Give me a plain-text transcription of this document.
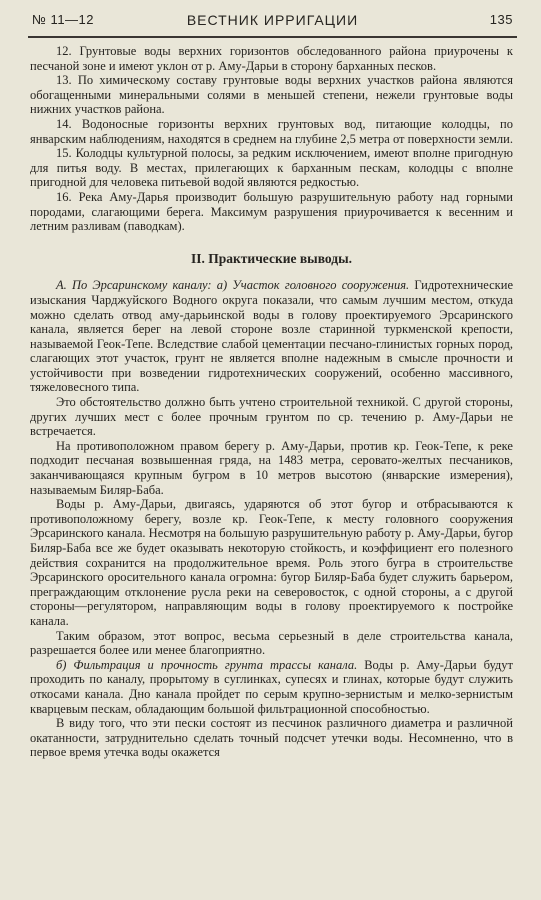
№ 11—12	ВЕСТНИК ИРРИГАЦИИ	135

12. Грунтовые воды верхних горизонтов обследованного района приурочены к песчаной зоне и имеют уклон от р. Аму-Дарьи в сторону барханных песков.

13. По химическому составу грунтовые воды верхних участков района являются обогащенными минеральными солями в меньшей степени, нежели грунтовые воды нижних участков района.

14. Водоносные горизонты верхних грунтовых вод, питающие колодцы, по январским наблюдениям, находятся в среднем на глубине 2,5 метра от поверхности земли.

15. Колодцы культурной полосы, за редким исключением, имеют вполне пригодную для питья воду. В местах, прилегающих к барханным пескам, колодцы с вполне пригодной для человека питьевой водой являются редкостью.

16. Река Аму-Дарья производит большую разрушительную работу над горными породами, слагающими берега. Максимум разрушения приурочивается к весенним и летним разливам (паводкам).

II. Практические выводы.

А. По Эрсаринскому каналу: а) Участок головного сооружения. Гидротехнические изыскания Чарджуйского Водного округа показали, что самым лучшим местом, откуда можно сделать отвод аму-дарьинской воды в голову проектируемого Эрсаринского канала, является берег на левой стороне возле старинной туркменской крепости, называемой Геок-Тепе. Вследствие слабой цементации песчано-глинистых горных пород, слагающих этот участок, грунт не является вполне надежным в смысле прочности и устойчивости при возведении гидротехнических сооружений, особенно массивного, тяжеловесного типа.

Это обстоятельство должно быть учтено строительной техникой. С другой стороны, других лучших мест с более прочным грунтом по ср. течению р. Аму-Дарьи не встречается.

На противоположном правом берегу р. Аму-Дарьи, против кр. Геок-Тепе, к реке подходит песчаная возвышенная гряда, на 1483 метра, серовато-желтых песчаников, заканчивающаяся крупным бугром в 10 метров высотою (январские измерения), называемым Биляр-Баба.

Воды р. Аму-Дарьи, двигаясь, ударяются об этот бугор и отбрасываются к противоположному берегу, возле кр. Геок-Тепе, к месту головного сооружения Эрсаринского канала. Несмотря на большую разрушительную работу р. Аму-Дарьи, бугор Биляр-Баба все же будет оказывать некоторую стойкость, и коэффициент его полезного действия сохранится на продолжительное время. Роль этого бугра в строительстве Эрсаринского оросительного канала огромна: бугор Биляр-Баба будет служить барьером, преграждающим отклонение русла реки на северовосток, с одной стороны, а с другой стороны—регулятором, направляющим воды в голову проектируемого к постройке канала.

Таким образом, этот вопрос, весьма серьезный в деле строительства канала, разрешается более или менее благоприятно.

б) Фильтрация и прочность грунта трассы канала. Воды р. Аму-Дарьи будут проходить по каналу, прорытому в суглинках, супесях и глинах, которые будут служить откосами канала. Дно канала пройдет по серым крупно-зернистым и мелко-зернистым кварцевым пескам, обладающим большой фильтрационной способностью.

В виду того, что эти пески состоят из песчинок различного диаметра и различной окатанности, затруднительно сделать точный подсчет утечки воды. Несомненно, что в первое время утечка воды окажется
